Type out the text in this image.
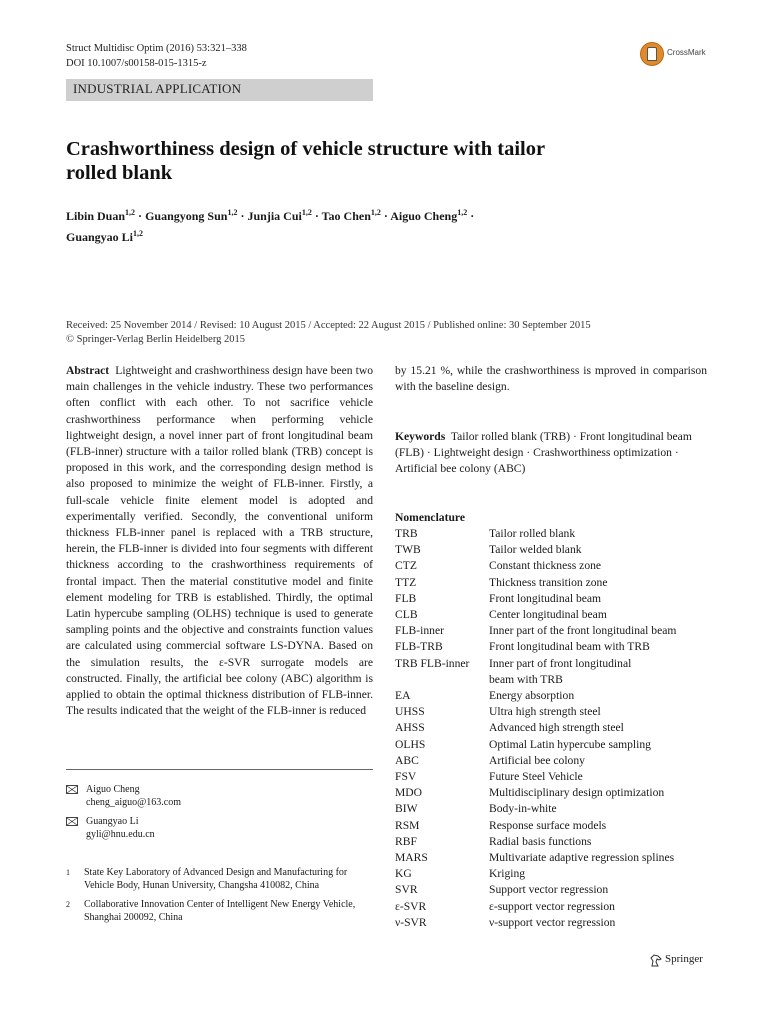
Struct Multidisc Optim (2016) 53:321–338
DOI 10.1007/s00158-015-1315-z
CrossMark
INDUSTRIAL APPLICATION
Crashworthiness design of vehicle structure with tailor
rolled blank
Libin Duan$^{1,2}$ · Guangyong Sun$^{1,2}$ · Junjia Cui$^{1,2}$ · Tao Chen$^{1,2}$ · Aiguo Cheng$^{1,2}$ ·
Guangyao Li$^{1,2}$
Received: 25 November 2014 / Revised: 10 August 2015 / Accepted: 22 August 2015 / Published online: 30 September 2015
© Springer-Verlag Berlin Heidelberg 2015

Abstract Lightweight and crashworthiness design have been two main challenges in the vehicle industry. These two performances often conflict with each other. To not sacrifice vehicle crashworthiness performance when performing vehicle lightweight design, a novel inner part of front longitudinal beam (FLB-inner) structure with a tailor rolled blank (TRB) concept is proposed in this work, and the corresponding design method is also proposed to minimize the weight of FLB-inner. Firstly, a full-scale vehicle finite element model is adopted and experimentally verified. Secondly, the conventional uniform thickness FLB-inner panel is replaced with a TRB structure, herein, the FLB-inner is divided into four segments with different thickness according to the crashworthiness requirements of frontal impact. Then the material constitutive model and finite element modeling for TRB is established. Thirdly, the optimal Latin hypercube sampling (OLHS) technique is used to generate sampling points and the objective and constraints function values are calculated using commercial software LS-DYNA. Based on the simulation results, the ε-SVR surrogate models are constructed. Finally, the artificial bee colony (ABC) algorithm is applied to obtain the optimal thickness distribution of FLB-inner. The results indicated that the weight of the FLB-inner is reduced

by 15.21 %, while the crashworthiness is mproved in comparison with the baseline design.

Keywords Tailor rolled blank (TRB) · Front longitudinal beam (FLB) · Lightweight design · Crashworthiness optimization · Artificial bee colony (ABC)

Nomenclature
TRB	Tailor rolled blank
TWB	Tailor welded blank
CTZ	Constant thickness zone
TTZ	Thickness transition zone
FLB	Front longitudinal beam
CLB	Center longitudinal beam
FLB-inner	Inner part of the front longitudinal beam
FLB-TRB	Front longitudinal beam with TRB
TRB FLB-inner	Inner part of front longitudinal
	beam with TRB
EA	Energy absorption
UHSS	Ultra high strength steel
AHSS	Advanced high strength steel
OLHS	Optimal Latin hypercube sampling
ABC	Artificial bee colony
FSV	Future Steel Vehicle
MDO	Multidisciplinary design optimization
BIW	Body-in-white
RSM	Response surface models
RBF	Radial basis functions
MARS	Multivariate adaptive regression splines
KG	Kriging
SVR	Support vector regression
ε-SVR	ε-support vector regression
ν-SVR	ν-support vector regression
Aiguo Cheng
cheng_aiguo@163.com
Guangyao Li
gyli@hnu.edu.cn
1 State Key Laboratory of Advanced Design and Manufacturing for
Vehicle Body, Hunan University, Changsha 410082, China
2 Collaborative Innovation Center of Intelligent New Energy Vehicle,
Shanghai 200092, China
Springer
